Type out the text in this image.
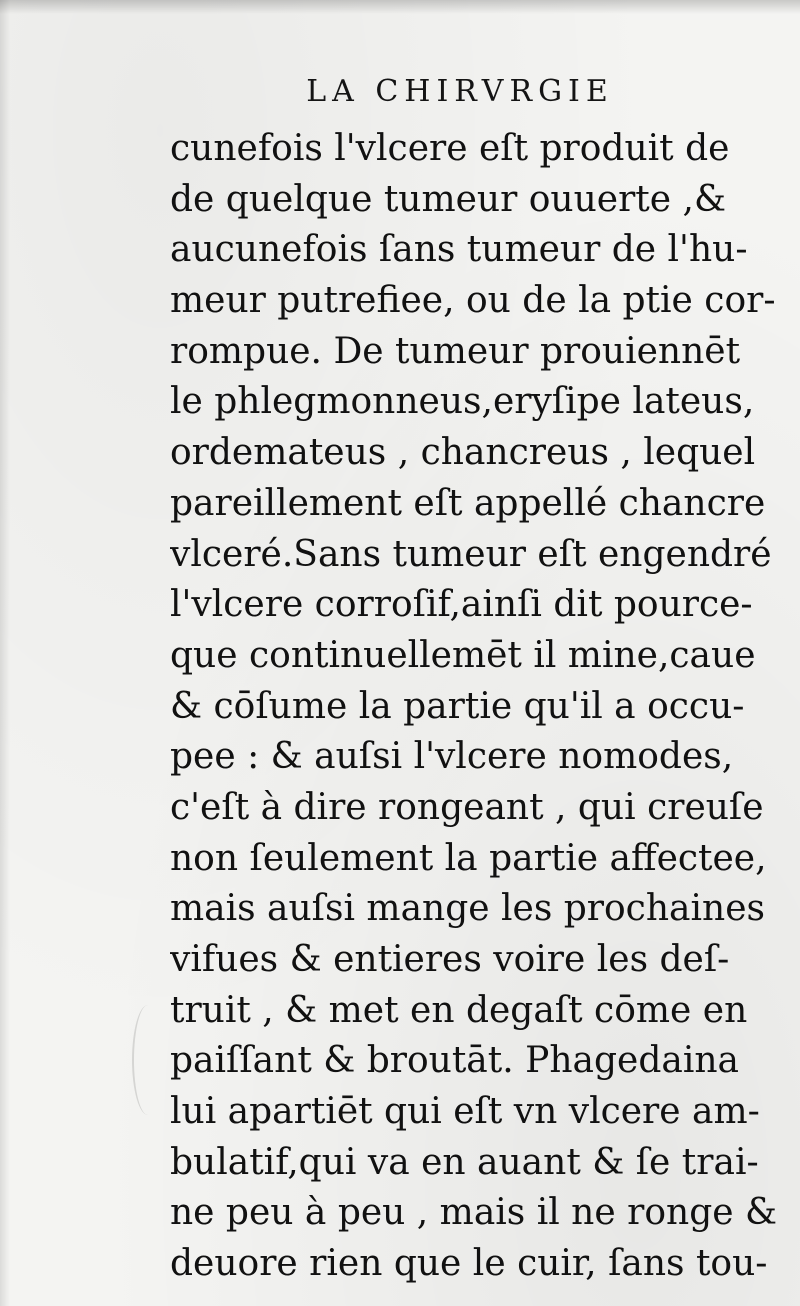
LA CHIRVRGIE
cunefois l'vlcere eſt produit de
de quelque tumeur ouuerte ,&
aucunefois ſans tumeur de l'hu-
meur putrefiee, ou de la ptie cor-
rompue. De tumeur prouiennēt
le phlegmonneus,eryſipe lateus,
ordemateus , chancreus , lequel
pareillement eſt appellé chancre
vlceré.Sans tumeur eſt engendré
l'vlcere corroſif,ainſi dit pource-
que continuellemēt il mine,caue
& cōſume la partie qu'il a occu-
pee : & auſsi l'vlcere nomodes,
c'eſt à dire rongeant , qui creuſe
non ſeulement la partie affectee,
mais auſsi mange les prochaines
vifues & entieres voire les deſ-
truit , & met en degaſt cōme en
paiſſant & broutāt. Phagedaina
lui apartiēt qui eſt vn vlcere am-
bulatif,qui va en auant & ſe trai-
ne peu à peu , mais il ne ronge &
deuore rien que le cuir, ſans tou-
